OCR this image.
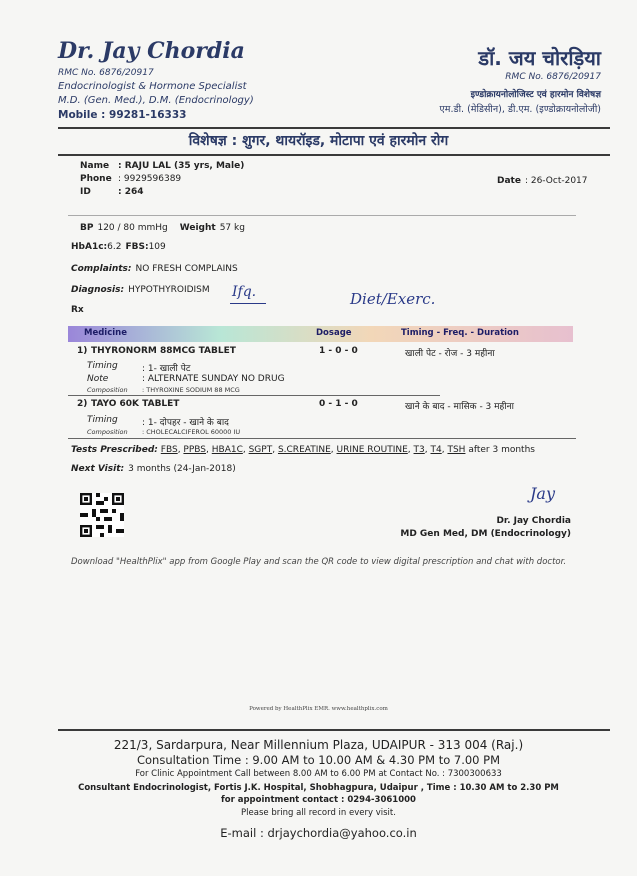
Dr. Jay Chordia
RMC No. 6876/20917
Endocrinologist & Hormone Specialist
M.D. (Gen. Med.), D.M. (Endocrinology)
Mobile : 99281-16333
डॉ. जय चोरड़िया
RMC No. 6876/20917
इण्डोक्रायनोलोजिस्ट एवं हारमोन विशेषज्ञ
एम.डी. (मेडिसीन), डी.एम. (इण्डोक्रायनोलोजी)
विशेषज्ञ : शुगर, थायरॉइड, मोटापा एवं हारमोन रोग
Name : RAJU LAL (35 yrs, Male)
Phone : 9929596389
ID	: 264
Date : 26-Oct-2017
BP 120 / 80 mmHg Weight 57 kg
HbA1c: 6.2 FBS: 109
Complaints: NO FRESH COMPLAINS
Diagnosis: HYPOTHYROIDISM
Rx
Ifq.	Diet/Exerc.
Medicine	Dosage	Timing - Freq. - Duration
1) THYRONORM 88MCG TABLET	1 - 0 - 0	खाली पेट - रोज - 3 महीना
Timing	: 1- खाली पेट
Note	: ALTERNATE SUNDAY NO DRUG
Composition : THYROXINE SODIUM 88 MCG
2) TAYO 60K TABLET	0 - 1 - 0	खाने के बाद - मासिक - 3 महीना
Timing	: 1- दोपहर - खाने के बाद
Composition : CHOLECALCIFEROL 60000 IU
Tests Prescribed: FBS, PPBS, HBA1C, SGPT, S.CREATINE, URINE ROUTINE, T3, T4, TSH after 3 months
Next Visit: 3 months (24-Jan-2018)
Jay
Dr. Jay Chordia
MD Gen Med, DM (Endocrinology)
Download "HealthPlix" app from Google Play and scan the QR code to view digital prescription and chat with doctor.
Powered by HealthPlix EMR. www.healthplix.com
221/3, Sardarpura, Near Millennium Plaza, UDAIPUR - 313 004 (Raj.)
Consultation Time : 9.00 AM to 10.00 AM & 4.30 PM to 7.00 PM
For Clinic Appointment Call between 8.00 AM to 6.00 PM at Contact No. : 7300300633
Consultant Endocrinologist, Fortis J.K. Hospital, Shobhagpura, Udaipur , Time : 10.30 AM to 2.30 PM
for appointment contact : 0294-3061000
Please bring all record in every visit.
E-mail : drjaychordia@yahoo.co.in
